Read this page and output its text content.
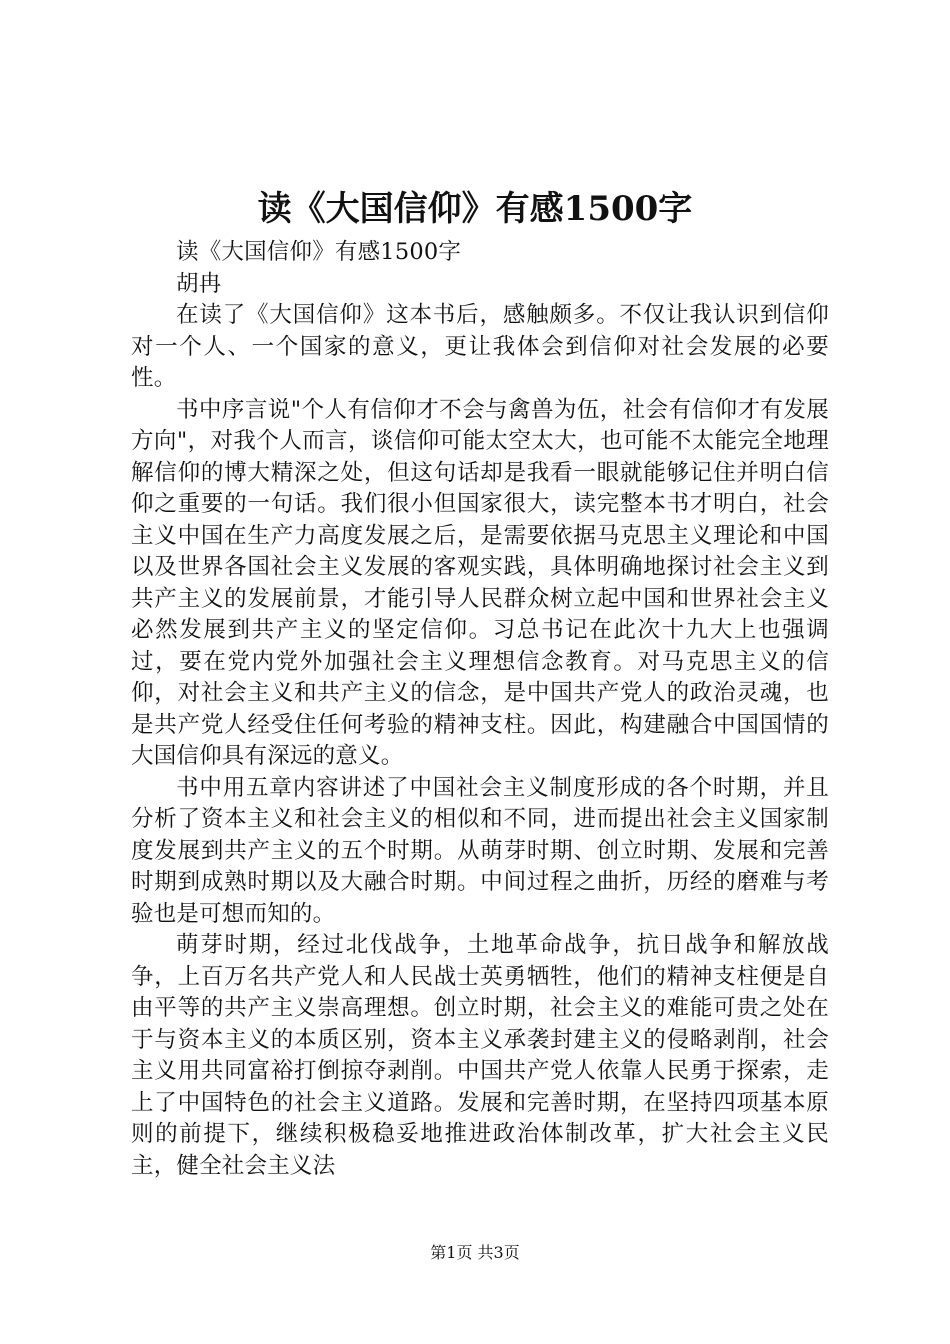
读《大国信仰》有感1500字

读《大国信仰》有感1500字

胡冉

在读了《大国信仰》这本书后，感触颇多。不仅让我认识到信仰对一个人、一个国家的意义，更让我体会到信仰对社会发展的必要性。

书中序言说"个人有信仰才不会与禽兽为伍，社会有信仰才有发展方向"，对我个人而言，谈信仰可能太空太大，也可能不太能完全地理解信仰的博大精深之处，但这句话却是我看一眼就能够记住并明白信仰之重要的一句话。我们很小但国家很大，读完整本书才明白，社会主义中国在生产力高度发展之后，是需要依据马克思主义理论和中国以及世界各国社会主义发展的客观实践，具体明确地探讨社会主义到共产主义的发展前景，才能引导人民群众树立起中国和世界社会主义必然发展到共产主义的坚定信仰。习总书记在此次十九大上也强调过，要在党内党外加强社会主义理想信念教育。对马克思主义的信仰，对社会主义和共产主义的信念，是中国共产党人的政治灵魂，也是共产党人经受住任何考验的精神支柱。因此，构建融合中国国情的大国信仰具有深远的意义。

书中用五章内容讲述了中国社会主义制度形成的各个时期，并且分析了资本主义和社会主义的相似和不同，进而提出社会主义国家制度发展到共产主义的五个时期。从萌芽时期、创立时期、发展和完善时期到成熟时期以及大融合时期。中间过程之曲折，历经的磨难与考验也是可想而知的。

萌芽时期，经过北伐战争，土地革命战争，抗日战争和解放战争，上百万名共产党人和人民战士英勇牺牲，他们的精神支柱便是自由平等的共产主义崇高理想。创立时期，社会主义的难能可贵之处在于与资本主义的本质区别，资本主义承袭封建主义的侵略剥削，社会主义用共同富裕打倒掠夺剥削。中国共产党人依靠人民勇于探索，走上了中国特色的社会主义道路。发展和完善时期，在坚持四项基本原则的前提下，继续积极稳妥地推进政治体制改革，扩大社会主义民主，健全社会主义法

第1页 共3页
